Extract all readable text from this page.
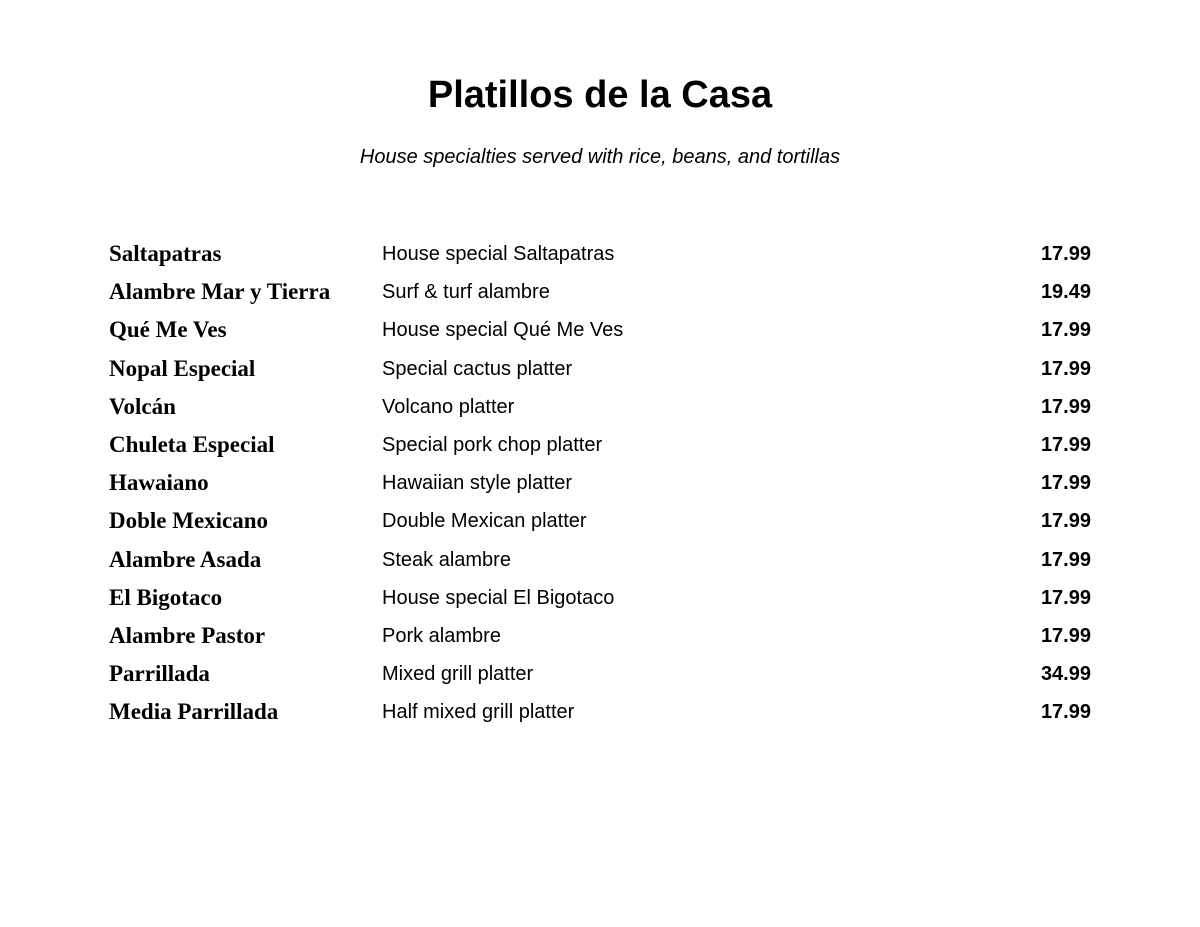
Platillos de la Casa

House specialties served with rice, beans, and tortillas

Saltapatras	House special Saltapatras	17.99
Alambre Mar y Tierra	Surf & turf alambre	19.49
Qué Me Ves	House special Qué Me Ves	17.99
Nopal Especial	Special cactus platter	17.99
Volcán	Volcano platter	17.99
Chuleta Especial	Special pork chop platter	17.99
Hawaiano	Hawaiian style platter	17.99
Doble Mexicano	Double Mexican platter	17.99
Alambre Asada	Steak alambre	17.99
El Bigotaco	House special El Bigotaco	17.99
Alambre Pastor	Pork alambre	17.99
Parrillada	Mixed grill platter	34.99
Media Parrillada	Half mixed grill platter	17.99
